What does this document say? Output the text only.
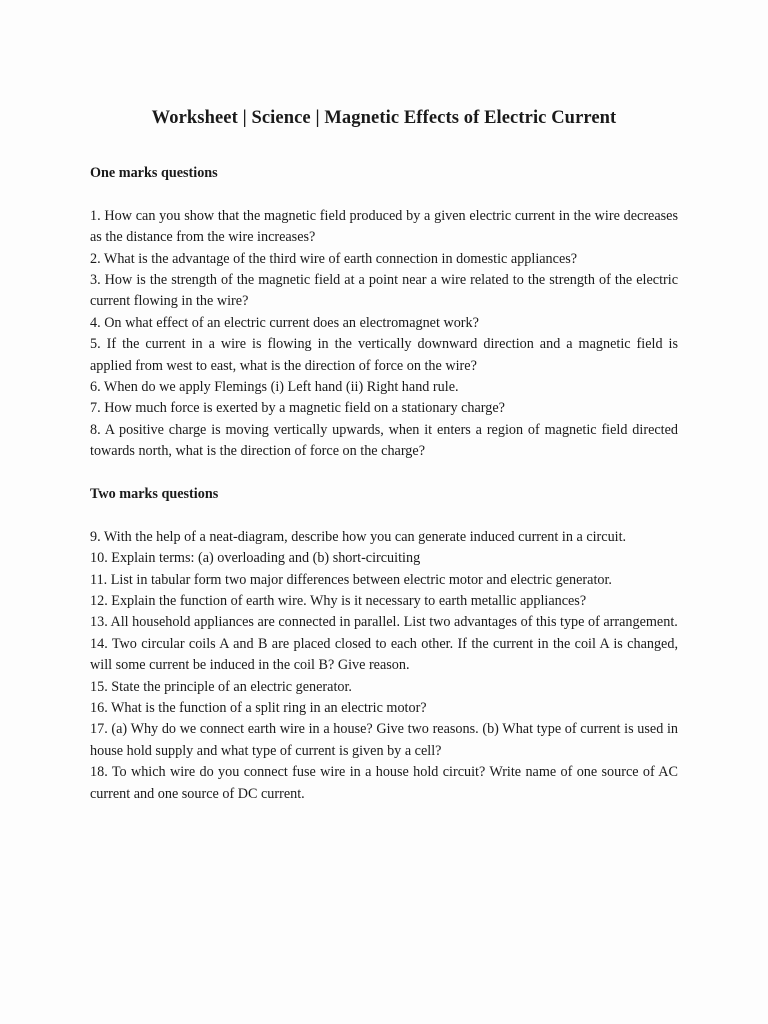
Worksheet | Science | Magnetic Effects of Electric Current

One marks questions

1. How can you show that the magnetic field produced by a given electric current in the wire decreases as the distance from the wire increases?
2. What is the advantage of the third wire of earth connection in domestic appliances?
3. How is the strength of the magnetic field at a point near a wire related to the strength of the electric current flowing in the wire?
4. On what effect of an electric current does an electromagnet work?
5. If the current in a wire is flowing in the vertically downward direction and a magnetic field is applied from west to east, what is the direction of force on the wire?
6. When do we apply Flemings (i) Left hand (ii) Right hand rule.
7. How much force is exerted by a magnetic field on a stationary charge?
8. A positive charge is moving vertically upwards, when it enters a region of magnetic field directed towards north, what is the direction of force on the charge?

Two marks questions

9. With the help of a neat-diagram, describe how you can generate induced current in a circuit.
10. Explain terms: (a) overloading and (b) short-circuiting
11. List in tabular form two major differences between electric motor and electric generator.
12. Explain the function of earth wire. Why is it necessary to earth metallic appliances?
13. All household appliances are connected in parallel. List two advantages of this type of arrangement.
14. Two circular coils A and B are placed closed to each other. If the current in the coil A is changed, will some current be induced in the coil B? Give reason.
15. State the principle of an electric generator.
16. What is the function of a split ring in an electric motor?
17. (a) Why do we connect earth wire in a house? Give two reasons. (b) What type of current is used in house hold supply and what type of current is given by a cell?
18. To which wire do you connect fuse wire in a house hold circuit? Write name of one source of AC current and one source of DC current.
